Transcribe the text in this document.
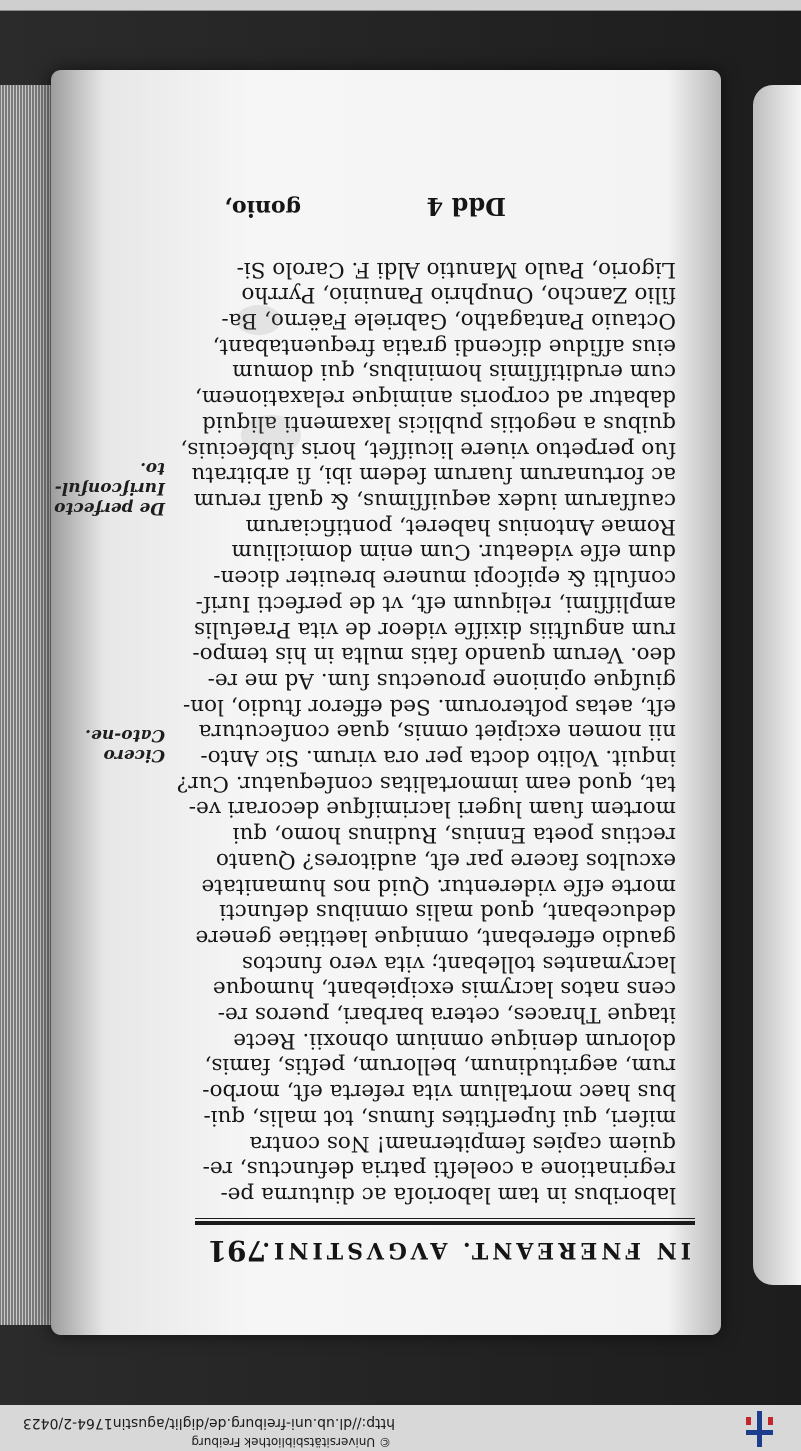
© Universitätsbibliothek Freiburg
http://dl.ub.uni-freiburg.de/diglit/agustin1764-2/0423
IN FNEREANT. AVGVSTINI.
791
laboribus in tam laborioſa ac diuturna pe-
regrinatione a coeleſti patria defunctus, re-
quiem capies ſempiternam! Nos contra
miſeri, qui ſuperſtites ſumus, tot malis, qui-
bus haec mortalium vita referta eſt, morbo-
rum, aegritudinum, bellorum, peſtis, famis,
dolorum denique omnium obnoxii. Recte
itaque Thraces, cetera barbari, pueros re-
cens natos lacrymis excipiebant, humoque
lacrymantes tollebant; vita vero functos
gaudio efferebant, omnique laetitiae genere
deducebant, quod malis omnibus defuncti
morte eſſe viderentur. Quid nos humanitate
excultos facere par eſt, auditores? Quanto
rectius poeta Ennius, Rudinus homo, qui
mortem ſuam lugeri lacrimiſque decorari ve-
tat, quod eam immortalitas conſequatur. Cur?
inquit. Volito docta per ora virum. Sic Anto-
nii nomen excipiet omnis, quae conſecutura
eſt, aetas poſterorum. Sed efferor ſtudio, lon-
giuſque opinione prouectus ſum. Ad me re-
deo. Verum quando ſatis multa in his tempo-
rum anguſtiis dixiſſe videor de vita Praeſulis
ampliſſimi, reliquum eſt, vt de perfecti Iuriſ-
conſulti & epiſcopi munere breuiter dicen-
dum eſſe videatur. Cum enim domicilium
Romae Antonius haberet, pontificiarum
cauſſarum iudex aequiſſimus, & quaſi rerum
ac fortunarum ſuarum ſedem ibi, ſi arbitratu
ſuo perpetuo viuere licuiſſet, horis ſubſeciuis,
quibus a negotiis publicis laxamenti aliquid
dabatur ad corporis animique relaxationem,
cum eruditiſſimis hominibus, qui domum
eius aſſidue diſcendi gratia frequentabant,
Octauio Pantagatho, Gabriele Faërno, Ba-
ſilio Zancho, Onuphrio Panuinio, Pyrrho
Ligorio, Paulo Manutio Aldi F. Carolo Si-
Cicero Cato-ne.
De perfecto Iuriſconſul-to.
Ddd 4
gonio,
